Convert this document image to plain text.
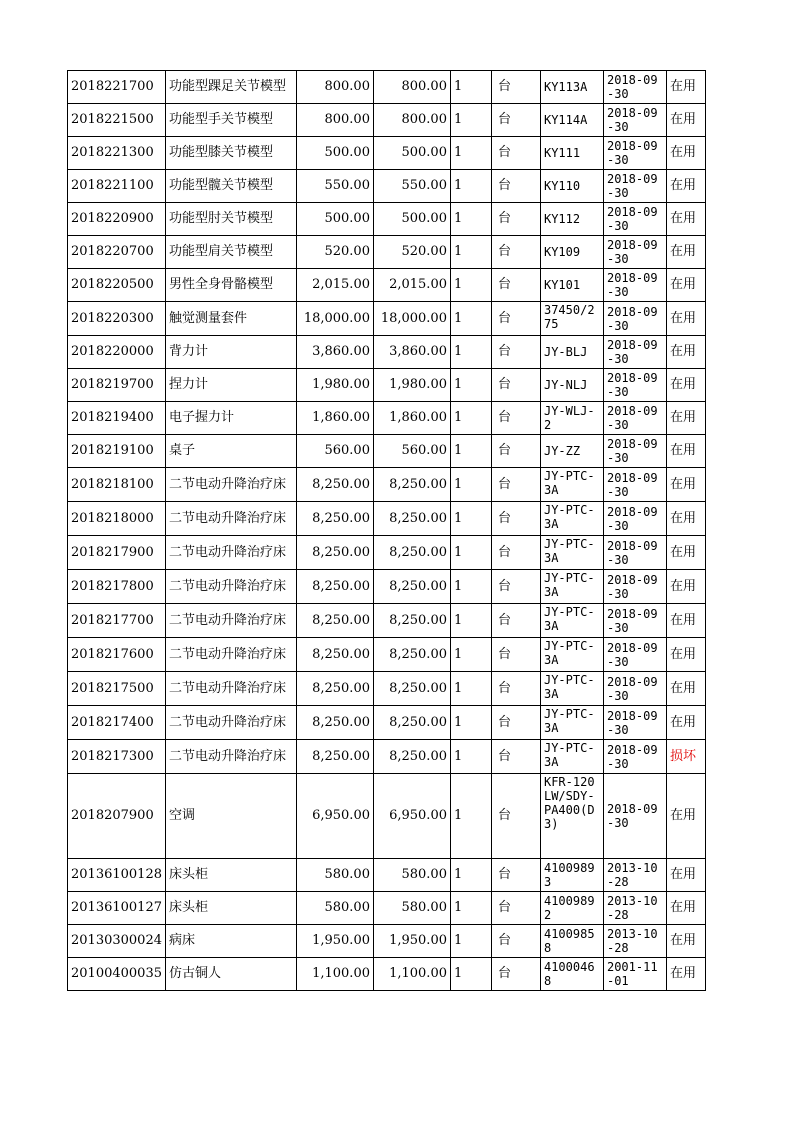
2018221700	功能型踝足关节模型	800.00	800.00	1	台	KY113A	2018-09-30	在用
2018221500	功能型手关节模型	800.00	800.00	1	台	KY114A	2018-09-30	在用
2018221300	功能型膝关节模型	500.00	500.00	1	台	KY111	2018-09-30	在用
2018221100	功能型髋关节模型	550.00	550.00	1	台	KY110	2018-09-30	在用
2018220900	功能型肘关节模型	500.00	500.00	1	台	KY112	2018-09-30	在用
2018220700	功能型肩关节模型	520.00	520.00	1	台	KY109	2018-09-30	在用
2018220500	男性全身骨骼模型	2,015.00	2,015.00	1	台	KY101	2018-09-30	在用
2018220300	触觉测量套件	18,000.00	18,000.00	1	台	37450/275	2018-09-30	在用
2018220000	背力计	3,860.00	3,860.00	1	台	JY-BLJ	2018-09-30	在用
2018219700	捏力计	1,980.00	1,980.00	1	台	JY-NLJ	2018-09-30	在用
2018219400	电子握力计	1,860.00	1,860.00	1	台	JY-WLJ-2	2018-09-30	在用
2018219100	桌子	560.00	560.00	1	台	JY-ZZ	2018-09-30	在用
2018218100	二节电动升降治疗床	8,250.00	8,250.00	1	台	JY-PTC-3A	2018-09-30	在用
2018218000	二节电动升降治疗床	8,250.00	8,250.00	1	台	JY-PTC-3A	2018-09-30	在用
2018217900	二节电动升降治疗床	8,250.00	8,250.00	1	台	JY-PTC-3A	2018-09-30	在用
2018217800	二节电动升降治疗床	8,250.00	8,250.00	1	台	JY-PTC-3A	2018-09-30	在用
2018217700	二节电动升降治疗床	8,250.00	8,250.00	1	台	JY-PTC-3A	2018-09-30	在用
2018217600	二节电动升降治疗床	8,250.00	8,250.00	1	台	JY-PTC-3A	2018-09-30	在用
2018217500	二节电动升降治疗床	8,250.00	8,250.00	1	台	JY-PTC-3A	2018-09-30	在用
2018217400	二节电动升降治疗床	8,250.00	8,250.00	1	台	JY-PTC-3A	2018-09-30	在用
2018217300	二节电动升降治疗床	8,250.00	8,250.00	1	台	JY-PTC-3A	2018-09-30	损坏
2018207900	空调	6,950.00	6,950.00	1	台	KFR-120LW/SDY-PA400(D3)	2018-09-30	在用
20136100128	床头柜	580.00	580.00	1	台	41009893	2013-10-28	在用
20136100127	床头柜	580.00	580.00	1	台	41009892	2013-10-28	在用
20130300024	病床	1,950.00	1,950.00	1	台	41009858	2013-10-28	在用
20100400035	仿古铜人	1,100.00	1,100.00	1	台	41000468	2001-11-01	在用
